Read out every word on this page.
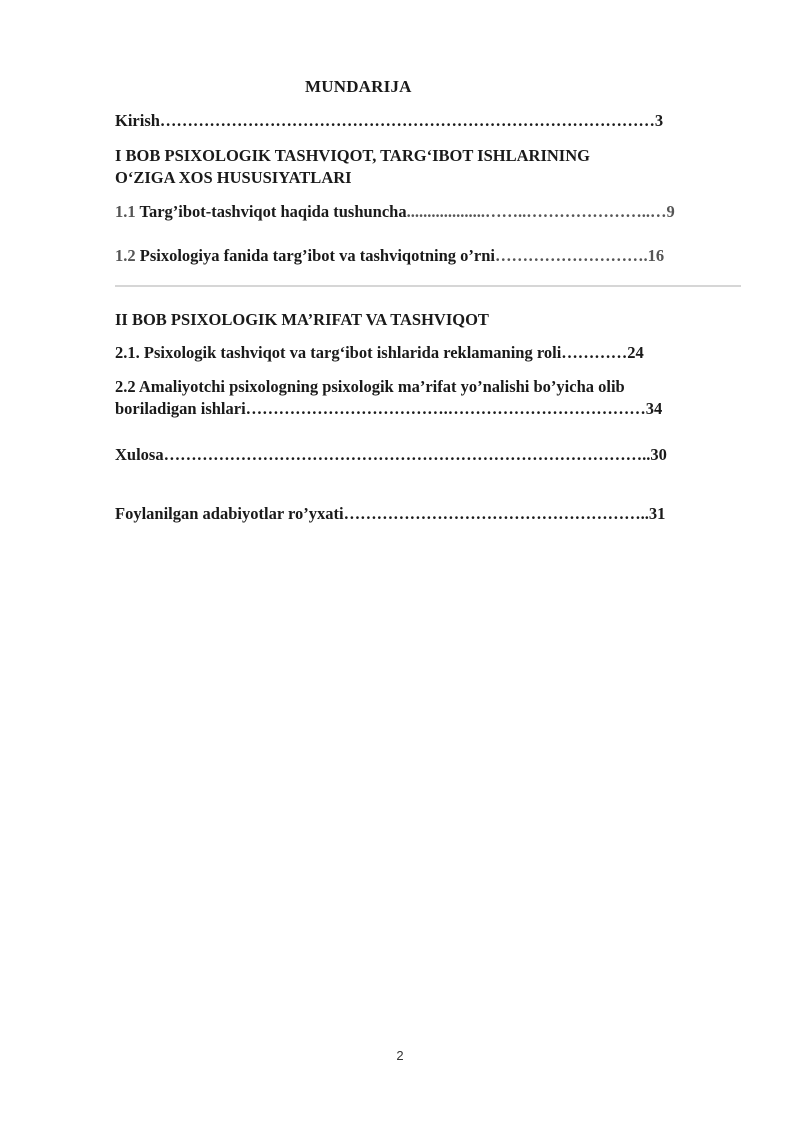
MUNDARIJA
Kirish………………………………………………………………………………3
I BOB PSIXOLOGIK TASHVIQOT, TARG‘IBOT ISHLARINING
O‘ZIGA XOS HUSUSIYATLARI
1.1 Targ’ibot-tashviqot haqida tushuncha...................……..…………………..…9
1.2 Psixologiya fanida targ’ibot va tashviqotning o’rni……………………….16
II BOB PSIXOLOGIK MA’RIFAT VA TASHVIQOT
2.1. Psixologik tashviqot va targ‘ibot ishlarida reklamaning roli…………24
2.2 Amaliyotchi psixologning psixologik ma’rifat yo’nalishi bo’yicha olib
boriladigan ishlari……………………………….………………………………34
Xulosa……………………………………………………………………………..30
Foylanilgan adabiyotlar ro’yxati………………………………………………..31
2
